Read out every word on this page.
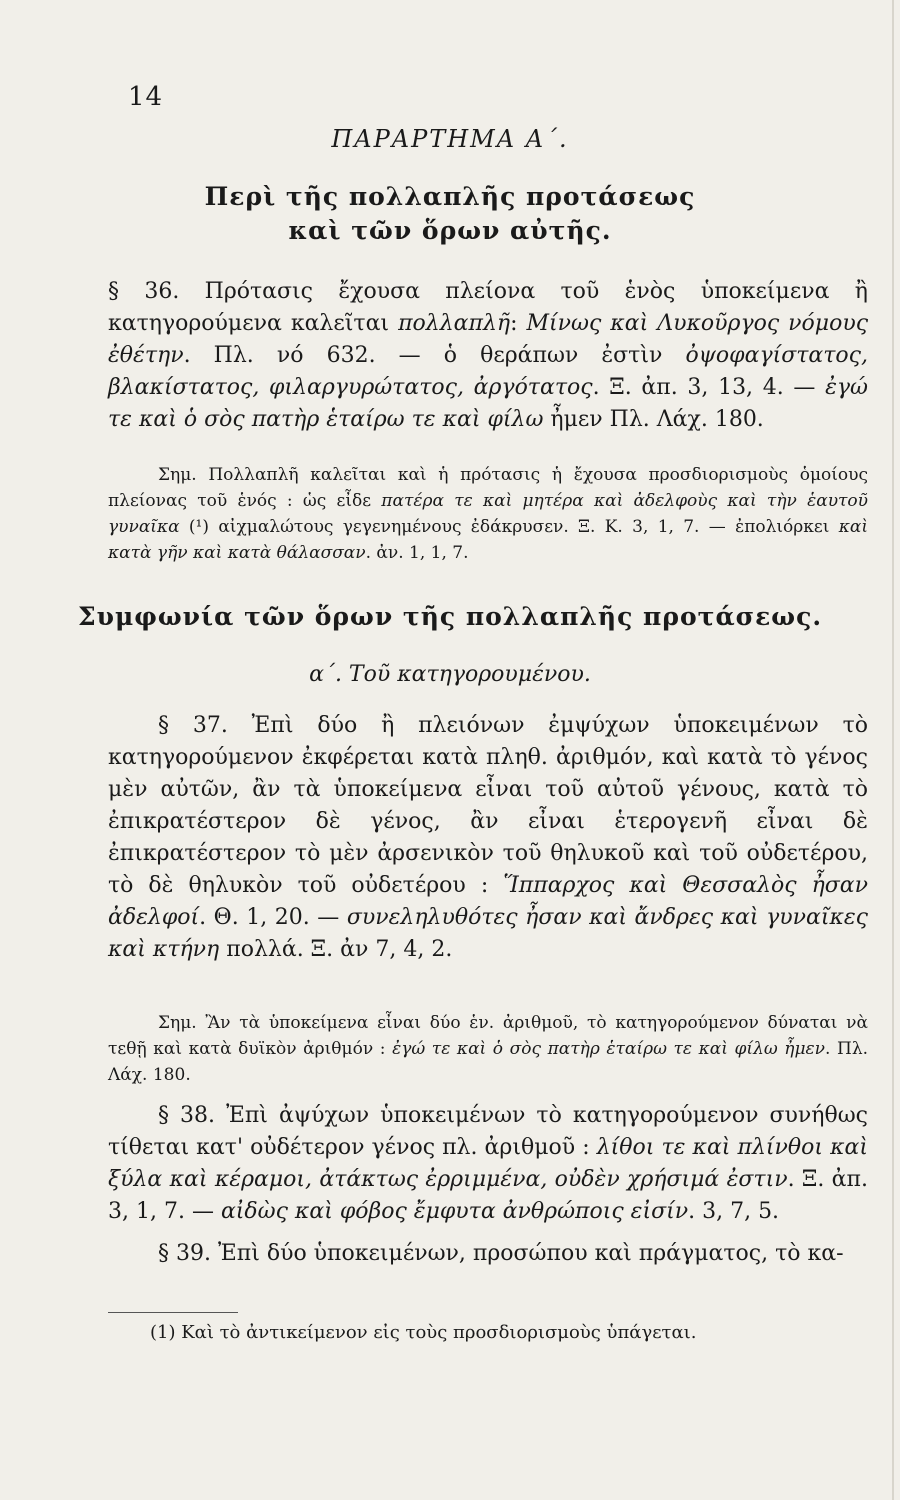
14
ΠΑΡΑΡΤΗΜΑ Α΄.
Περὶ τῆς πολλαπλῆς προτάσεως
καὶ τῶν ὅρων αὐτῆς.

§ 36. Πρότασις ἔχουσα πλείονα τοῦ ἑνὸς ὑποκείμενα ἢ κατηγορούμενα καλεῖται πολλαπλῆ: Μίνως καὶ Λυκοῦργος νόμους ἐθέτην. Πλ. νό 632. — ὁ θεράπων ἐστὶν ὀψοφαγίστατος, βλακίστατος, φιλαργυρώτατος, ἀργότατος. Ξ. ἀπ. 3, 13, 4. — ἐγώ τε καὶ ὁ σὸς πατὴρ ἑταίρω τε καὶ φίλω ἦμεν Πλ. Λάχ. 180.

Σημ. Πολλαπλῆ καλεῖται καὶ ἡ πρότασις ἡ ἔχουσα προσδιορισμοὺς ὁμοίους πλείονας τοῦ ἑνός : ὡς εἶδε πατέρα τε καὶ μητέρα καὶ ἀδελφοὺς καὶ τὴν ἑαυτοῦ γυναῖκα (¹) αἰχμαλώτους γεγενημένους ἐδάκρυσεν. Ξ. Κ. 3, 1, 7. — ἐπολιόρκει καὶ κατὰ γῆν καὶ κατὰ θάλασσαν. ἀν. 1, 1, 7.

Συμφωνία τῶν ὅρων τῆς πολλαπλῆς προτάσεως.
α΄. Τοῦ κατηγορουμένου.

§ 37. Ἐπὶ δύο ἢ πλειόνων ἐμψύχων ὑποκειμένων τὸ κατηγορούμενον ἐκφέρεται κατὰ πληθ. ἀριθμόν, καὶ κατὰ τὸ γένος μὲν αὐτῶν, ἂν τὰ ὑποκείμενα εἶναι τοῦ αὐτοῦ γένους, κατὰ τὸ ἐπικρατέστερον δὲ γένος, ἂν εἶναι ἑτερογενῆ εἶναι δὲ ἐπικρατέστερον τὸ μὲν ἀρσενικὸν τοῦ θηλυκοῦ καὶ τοῦ οὐδετέρου, τὸ δὲ θηλυκὸν τοῦ οὐδετέρου : Ἵππαρχος καὶ Θεσσαλὸς ἦσαν ἀδελφοί. Θ. 1, 20. — συνεληλυθότες ἦσαν καὶ ἄνδρες καὶ γυναῖκες καὶ κτήνη πολλά. Ξ. ἀν 7, 4, 2.

Σημ. Ἂν τὰ ὑποκείμενα εἶναι δύο ἑν. ἀριθμοῦ, τὸ κατηγορούμενον δύναται νὰ τεθῇ καὶ κατὰ δυϊκὸν ἀριθμόν : ἐγώ τε καὶ ὁ σὸς πατὴρ ἑταίρω τε καὶ φίλω ἦμεν. Πλ. Λάχ. 180.

§ 38. Ἐπὶ ἀψύχων ὑποκειμένων τὸ κατηγορούμενον συνήθως τίθεται κατ' οὐδέτερον γένος πλ. ἀριθμοῦ : λίθοι τε καὶ πλίνθοι καὶ ξύλα καὶ κέραμοι, ἀτάκτως ἐρριμμένα, οὐδὲν χρήσιμά ἐστιν. Ξ. ἀπ. 3, 1, 7. — αἰδὼς καὶ φόβος ἔμφυτα ἀνθρώποις εἰσίν. 3, 7, 5.

§ 39. Ἐπὶ δύο ὑποκειμένων, προσώπου καὶ πράγματος, τὸ κα-

(1) Καὶ τὸ ἀντικείμενον εἰς τοὺς προσδιορισμοὺς ὑπάγεται.
